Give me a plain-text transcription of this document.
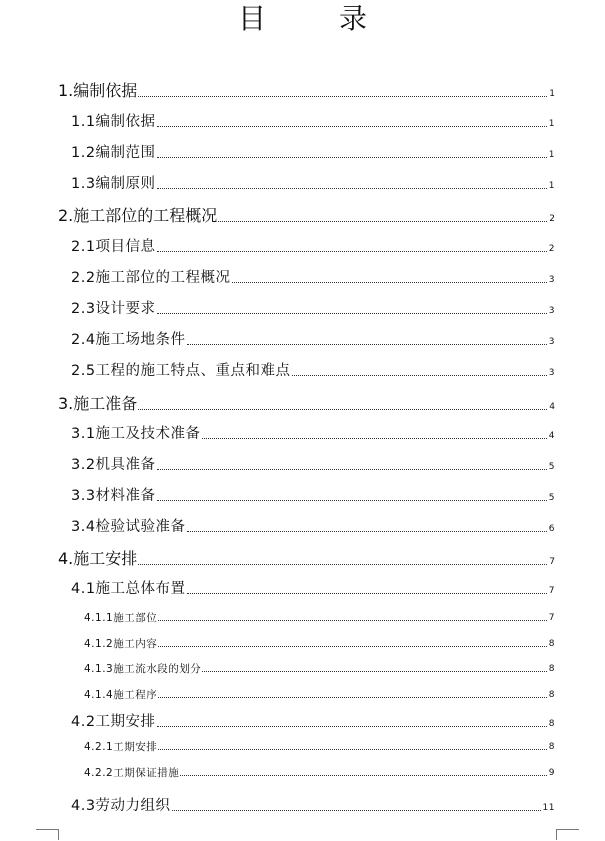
目 录
1.编制依据	1
1.1编制依据	1
1.2编制范围	1
1.3编制原则	1
2.施工部位的工程概况	2
2.1项目信息	2
2.2施工部位的工程概况	3
2.3设计要求	3
2.4施工场地条件	3
2.5工程的施工特点、重点和难点	3
3.施工准备	4
3.1施工及技术准备	4
3.2机具准备	5
3.3材料准备	5
3.4检验试验准备	6
4.施工安排	7
4.1施工总体布置	7
4.1.1施工部位	7
4.1.2施工内容	8
4.1.3施工流水段的划分	8
4.1.4施工程序	8
4.2工期安排	8
4.2.1工期安排	8
4.2.2工期保证措施	9
4.3劳动力组织	11
